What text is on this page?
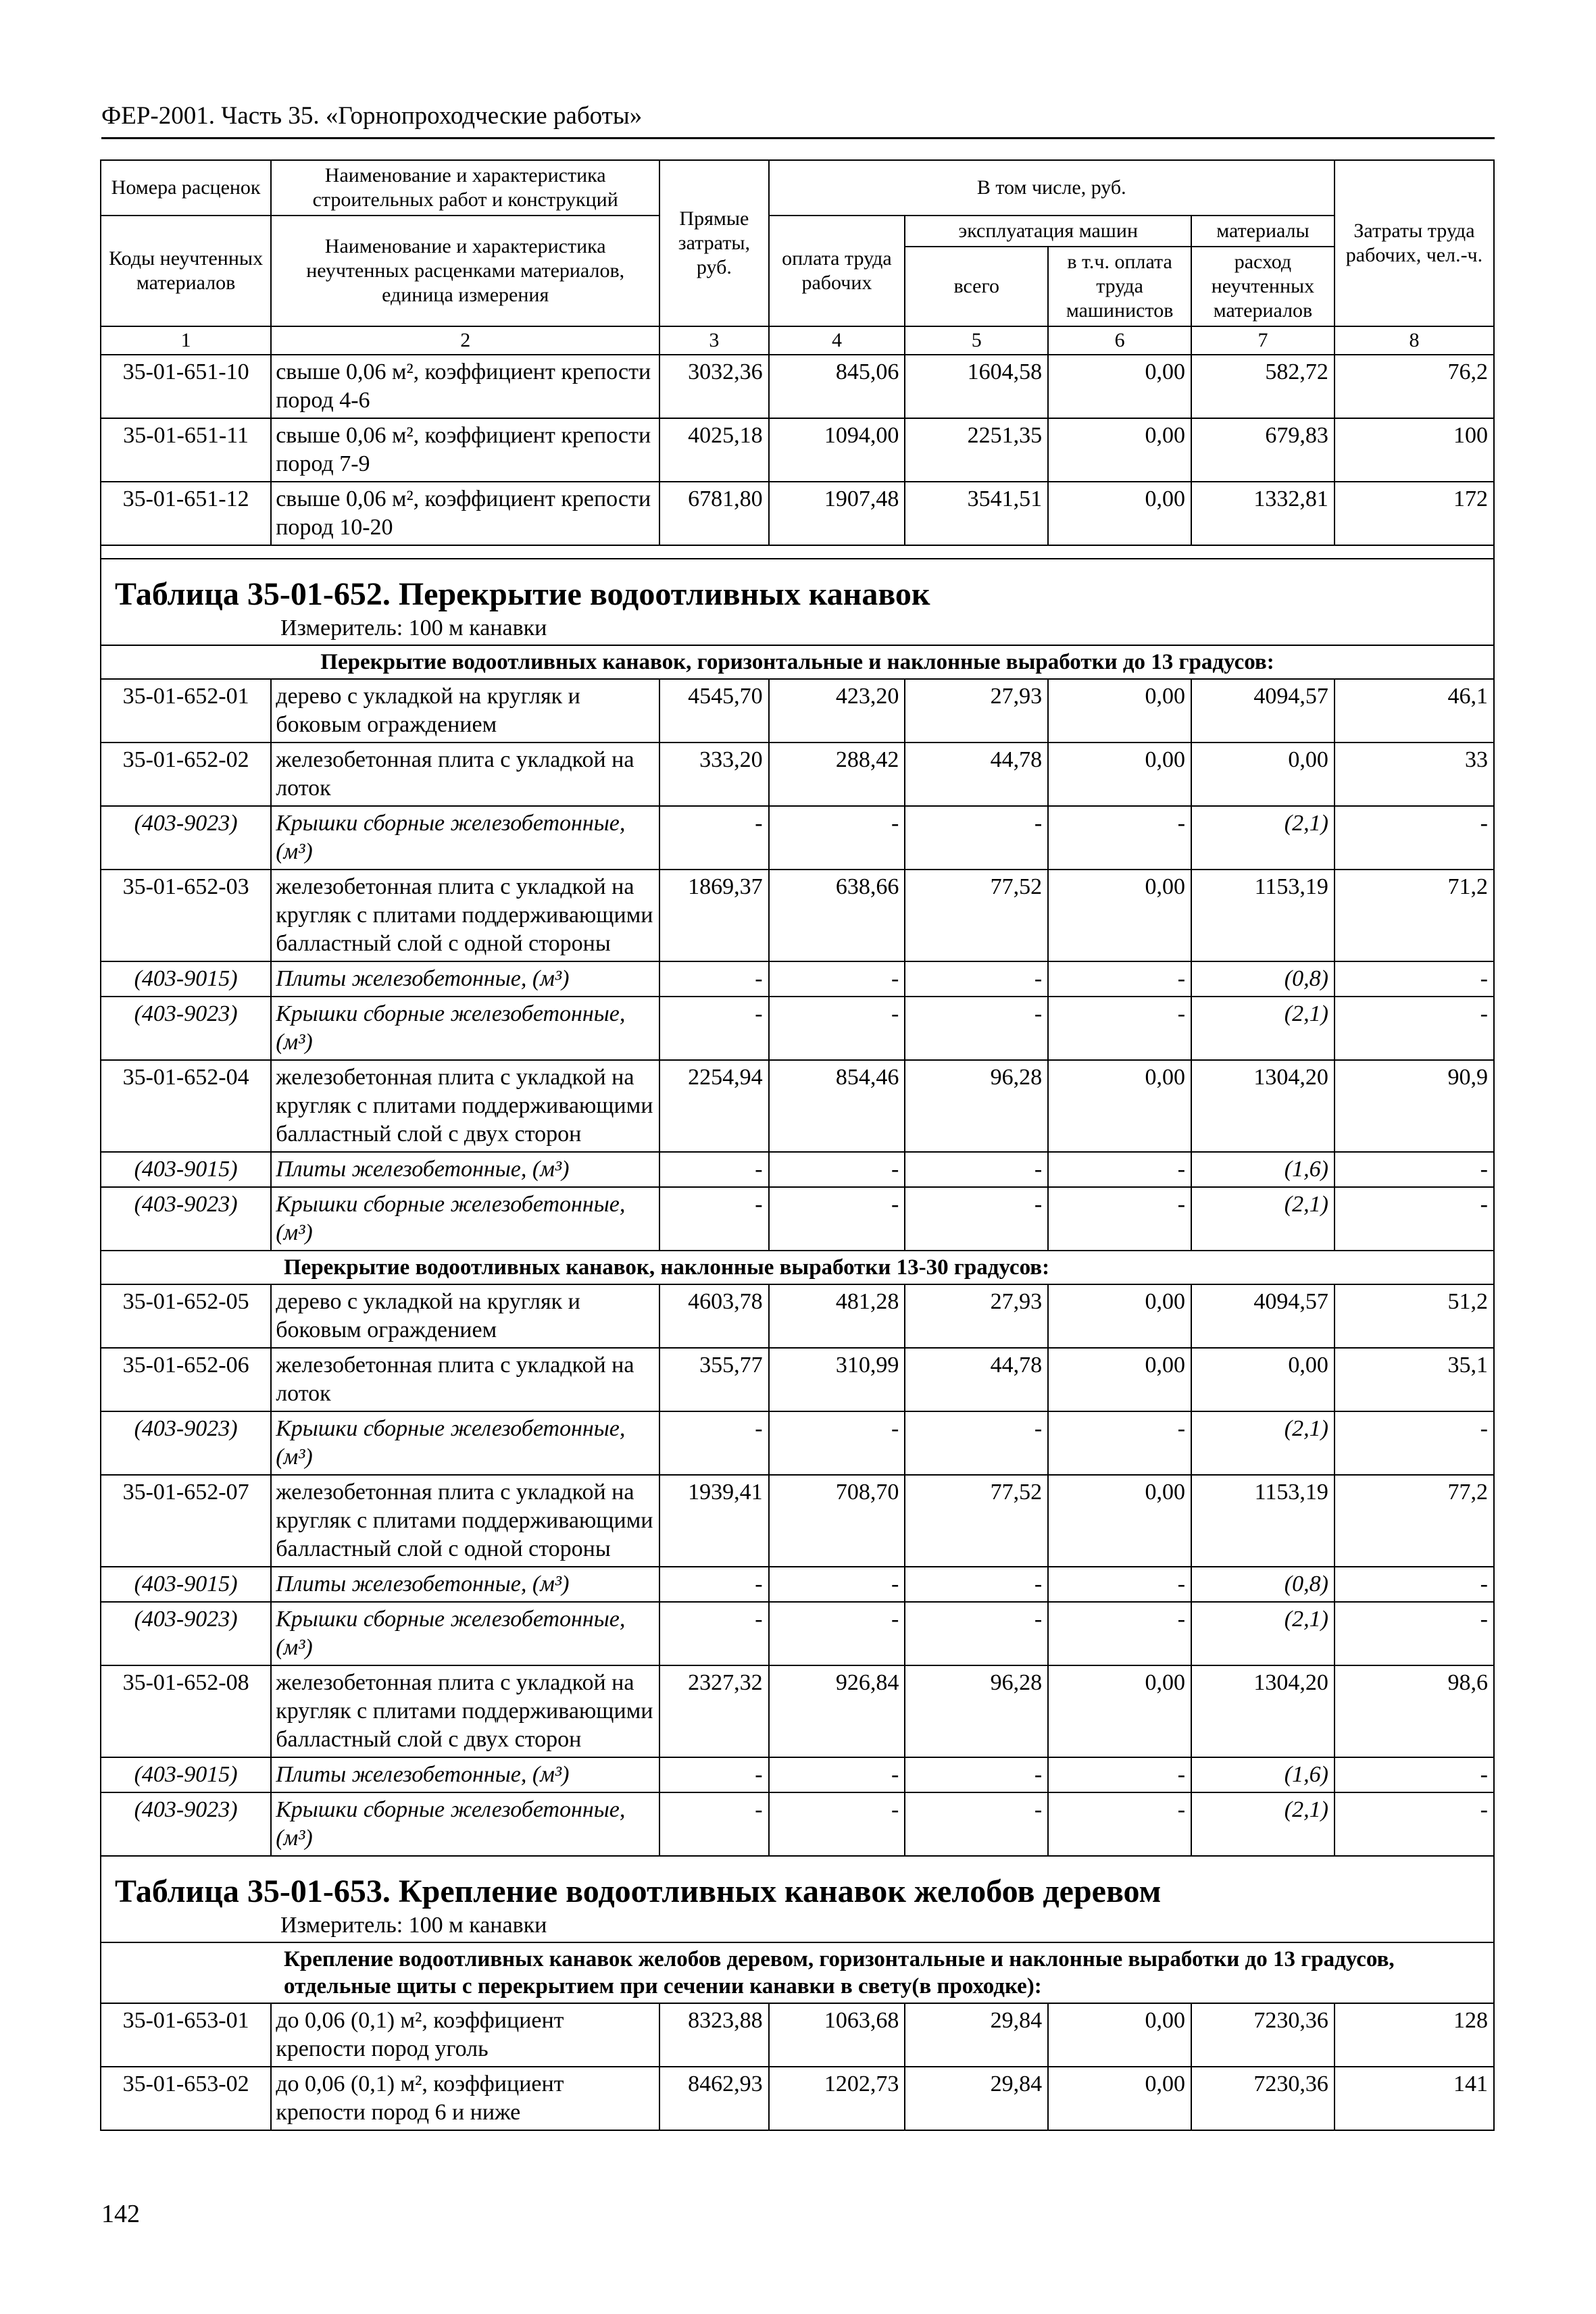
ФЕР-2001. Часть 35. «Горнопроходческие работы»
Номера расценок	Наименование и характеристика строительных работ и конструкций	Прямые затраты, руб.	В том числе, руб.				Затраты труда рабочих, чел.-ч.
Коды неучтенных материалов	Наименование и характеристика неучтенных расценками материалов, единица измерения		оплата труда рабочих	эксплуатация машин		материалы	
				всего	в т.ч. оплата труда машинистов	расход неучтенных материалов	
1	2	3	4	5	6	7	8
35-01-651-10	свыше 0,06 м², коэффициент крепости пород 4-6	3032,36	845,06	1604,58	0,00	582,72	76,2
35-01-651-11	свыше 0,06 м², коэффициент крепости пород 7-9	4025,18	1094,00	2251,35	0,00	679,83	100
35-01-651-12	свыше 0,06 м², коэффициент крепости пород 10-20	6781,80	1907,48	3541,51	0,00	1332,81	172

Таблица 35-01-652. Перекрытие водоотливных канавок
Измеритель: 100 м канавки							

Перекрытие водоотливных канавок, горизонтальные и наклонные выработки до 13 градусов:							
35-01-652-01	дерево с укладкой на кругляк и боковым ограждением	4545,70	423,20	27,93	0,00	4094,57	46,1
35-01-652-02	железобетонная плита с укладкой на лоток	333,20	288,42	44,78	0,00	0,00	33
(403-9023)	Крышки сборные железобетонные, (м³)	-	-	-	-	(2,1)	-
35-01-652-03	железобетонная плита с укладкой на кругляк с плитами поддерживающими балластный слой с одной стороны	1869,37	638,66	77,52	0,00	1153,19	71,2
(403-9015)	Плиты железобетонные, (м³)	-	-	-	-	(0,8)	-
(403-9023)	Крышки сборные железобетонные, (м³)	-	-	-	-	(2,1)	-
35-01-652-04	железобетонная плита с укладкой на кругляк с плитами поддерживающими балластный слой с двух сторон	2254,94	854,46	96,28	0,00	1304,20	90,9
(403-9015)	Плиты железобетонные, (м³)	-	-	-	-	(1,6)	-
(403-9023)	Крышки сборные железобетонные, (м³)	-	-	-	-	(2,1)	-
Перекрытие водоотливных канавок, наклонные выработки 13-30 градусов:							
35-01-652-05	дерево с укладкой на кругляк и боковым ограждением	4603,78	481,28	27,93	0,00	4094,57	51,2
35-01-652-06	железобетонная плита с укладкой на лоток	355,77	310,99	44,78	0,00	0,00	35,1
(403-9023)	Крышки сборные железобетонные, (м³)	-	-	-	-	(2,1)	-
35-01-652-07	железобетонная плита с укладкой на кругляк с плитами поддерживающими балластный слой с одной стороны	1939,41	708,70	77,52	0,00	1153,19	77,2
(403-9015)	Плиты железобетонные, (м³)	-	-	-	-	(0,8)	-
(403-9023)	Крышки сборные железобетонные, (м³)	-	-	-	-	(2,1)	-
35-01-652-08	железобетонная плита с укладкой на кругляк с плитами поддерживающими балластный слой с двух сторон	2327,32	926,84	96,28	0,00	1304,20	98,6
(403-9015)	Плиты железобетонные, (м³)	-	-	-	-	(1,6)	-
(403-9023)	Крышки сборные железобетонные, (м³)	-	-	-	-	(2,1)	-

Таблица 35-01-653. Крепление водоотливных канавок желобов деревом
Измеритель: 100 м канавки							

Крепление водоотливных канавок желобов деревом, горизонтальные и наклонные выработки до 13 градусов, отдельные щиты с перекрытием при сечении канавки в свету(в проходке):							
35-01-653-01	до 0,06 (0,1) м², коэффициент крепости пород уголь	8323,88	1063,68	29,84	0,00	7230,36	128
35-01-653-02	до 0,06 (0,1) м², коэффициент крепости пород 6 и ниже	8462,93	1202,73	29,84	0,00	7230,36	141
142
